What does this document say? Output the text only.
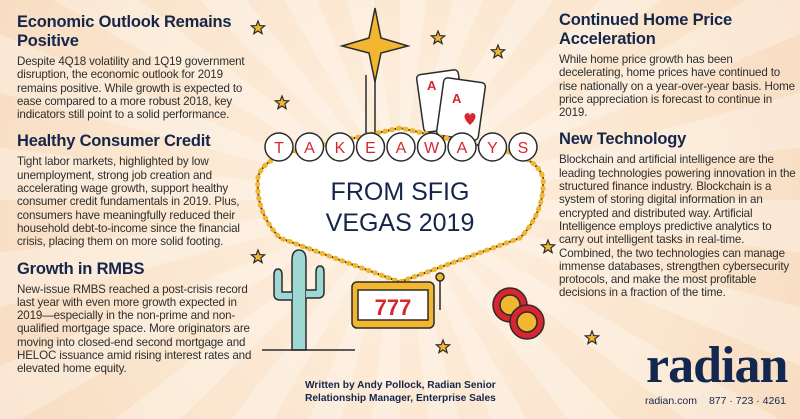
Economic Outlook Remains Positive

Despite 4Q18 volatility and 1Q19 government disruption, the economic outlook for 2019 remains positive. While growth is expected to ease compared to a more robust 2018, key indicators still point to a solid performance.

Healthy Consumer Credit

Tight labor markets, highlighted by low unemployment, strong job creation and accelerating wage growth, support healthy consumer credit fundamentals in 2019. Plus, consumers have meaningfully reduced their household debt-to-income since the financial crisis, placing them on more solid footing.

Growth in RMBS

New-issue RMBS reached a post-crisis record last year with even more growth expected in 2019—especially in the non-prime and non-qualified mortgage space. More originators are moving into closed-end second mortgage and HELOC issuance amid rising interest rates and elevated home equity.

Continued Home Price Acceleration

While home price growth has been decelerating, home prices have continued to rise nationally on a year-over-year basis. Home price appreciation is forecast to continue in 2019.

New Technology

Blockchain and artificial intelligence are the leading technologies powering innovation in the structured finance industry. Blockchain is a system of storing digital information in an encrypted and distributed way. Artificial Intelligence employs predictive analytics to carry out intelligent tasks in real-time. Combined, the two technologies can manage immense databases, strengthen cybersecurity protocols, and make the most profitable decisions in a fraction of the time.

A
A
T A K E A W A Y S
FROM SFIG
VEGAS 2019
777
Written by Andy Pollock, Radian Senior
Relationship Manager, Enterprise Sales
radian
radian.com 877 · 723 · 4261
